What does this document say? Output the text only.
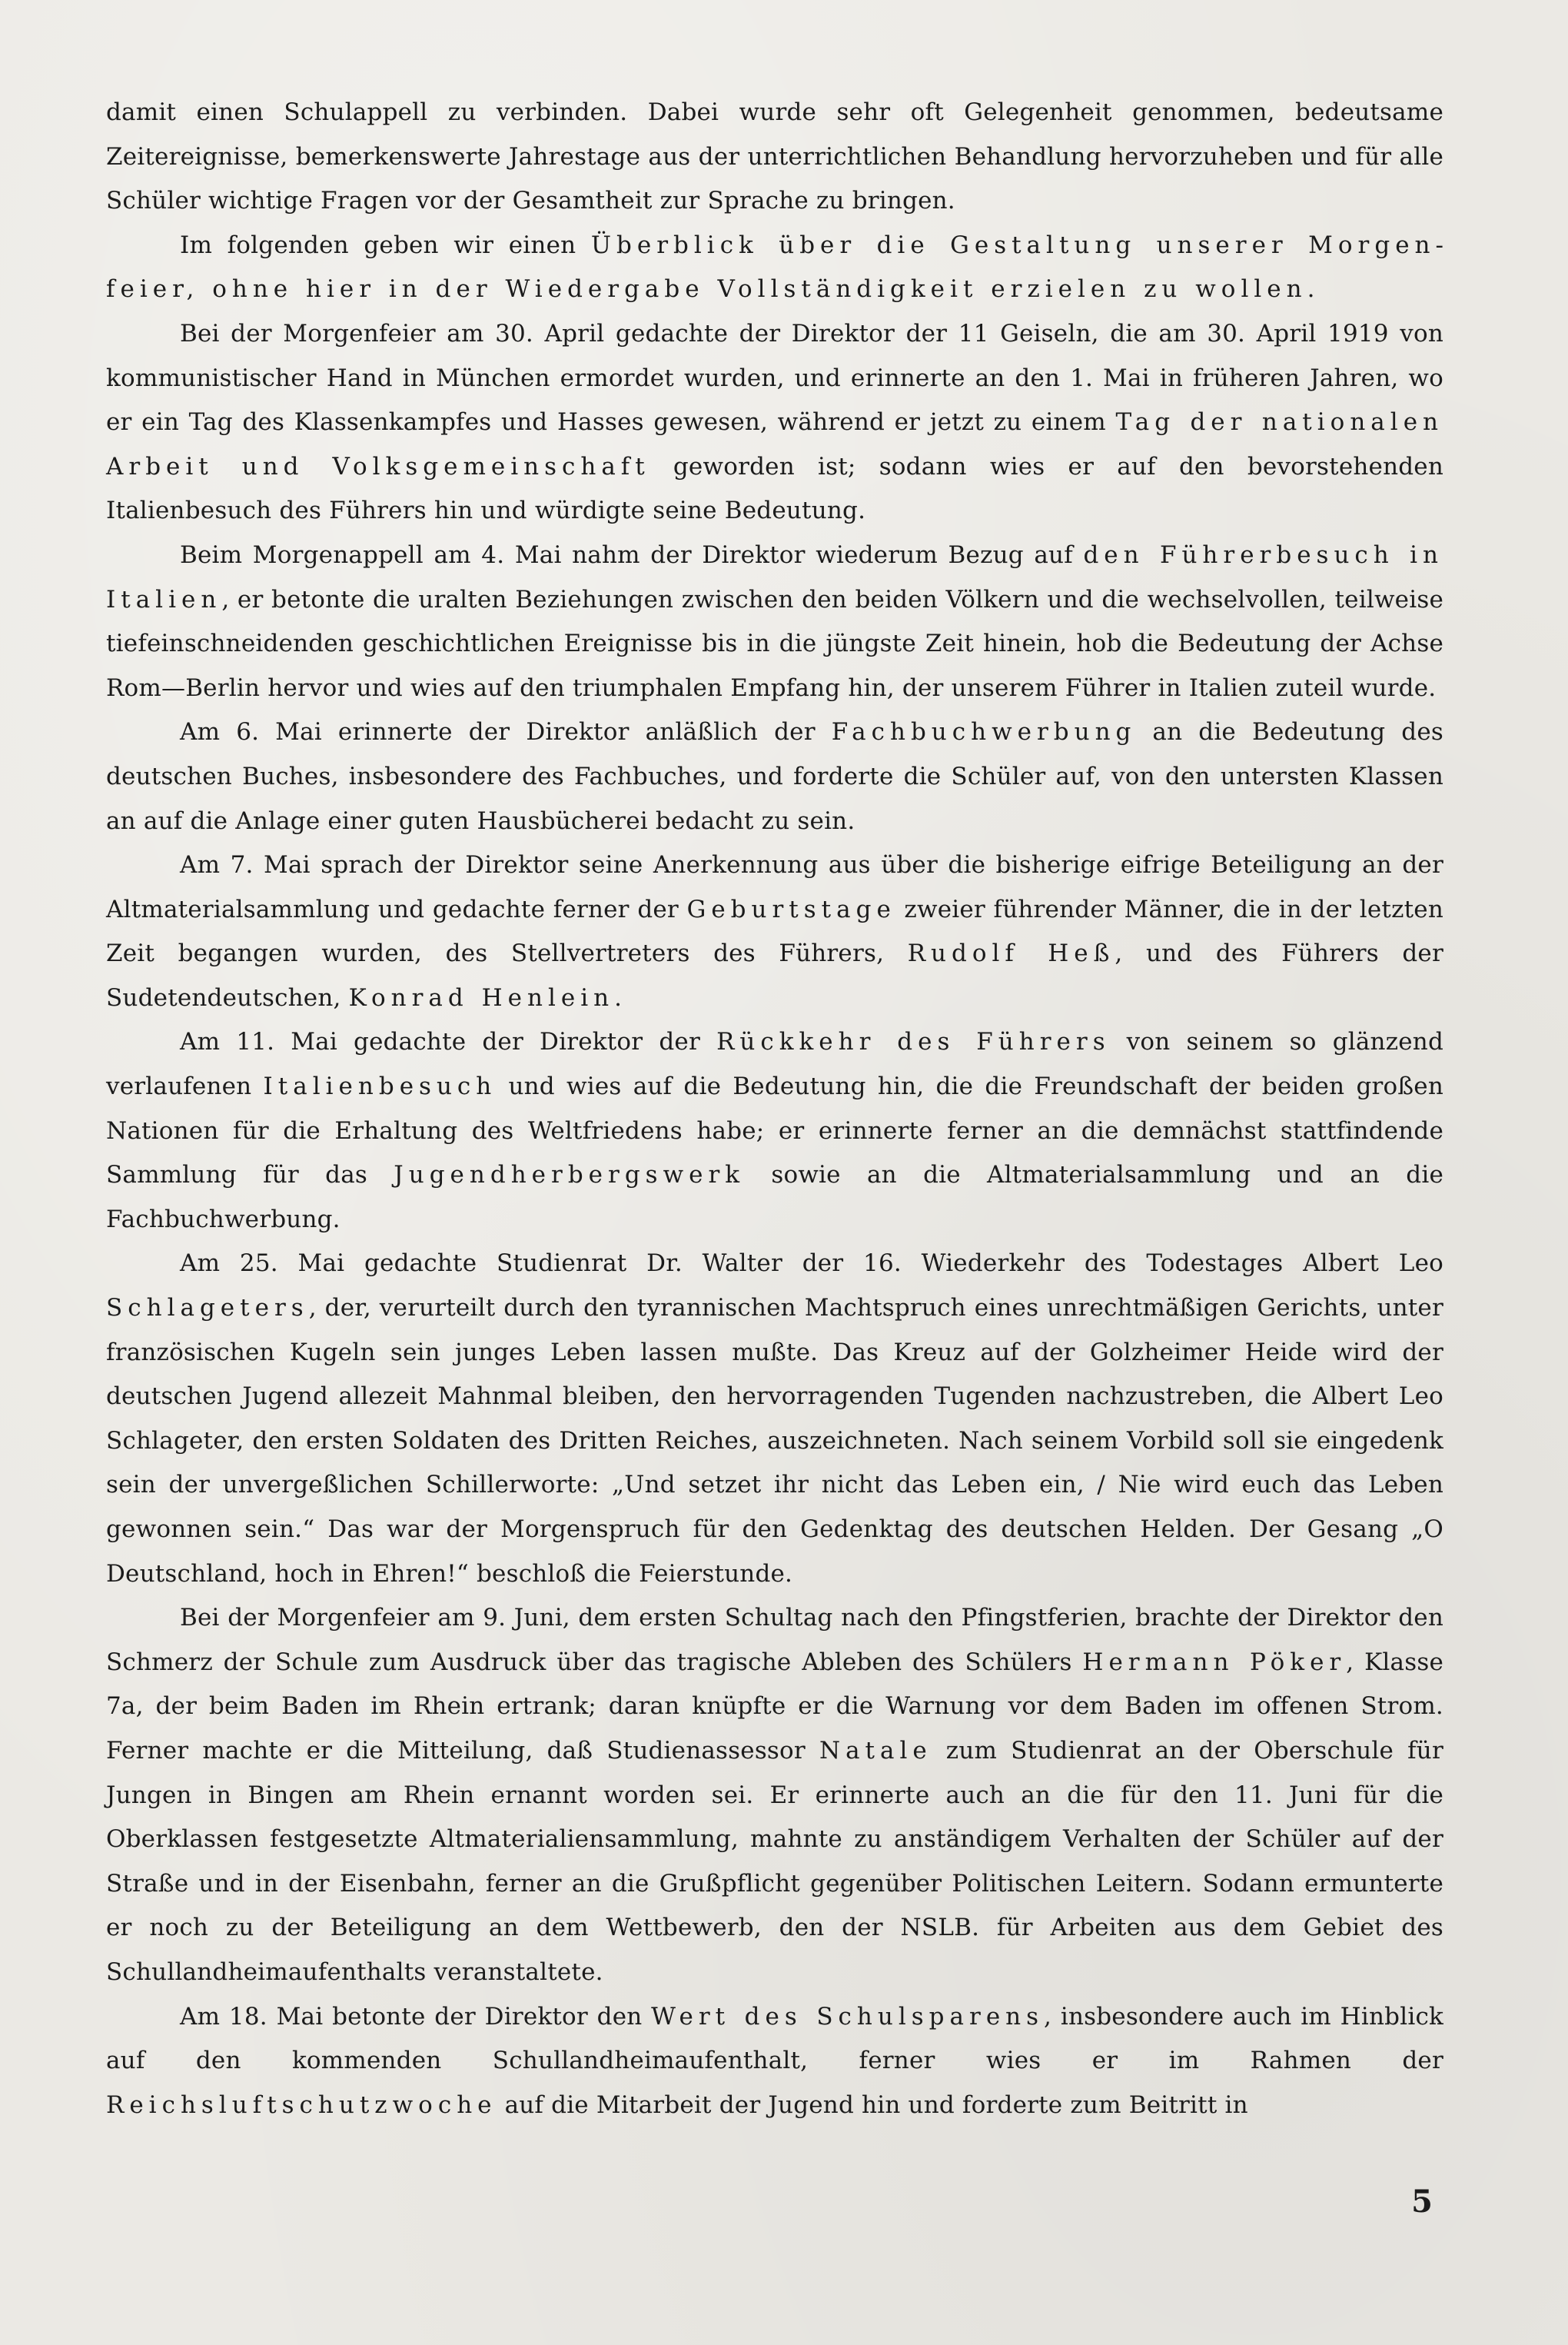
damit einen Schulappell zu verbinden. Dabei wurde sehr oft Gelegenheit genommen, bedeutsame Zeitereignisse, bemerkenswerte Jahrestage aus der unterrichtlichen Behandlung hervorzuheben und für alle Schüler wichtige Fragen vor der Gesamtheit zur Sprache zu bringen.

Im folgenden geben wir einen Überblick über die Gestaltung unserer Morgenfeier, ohne hier in der Wiedergabe Vollständigkeit erzielen zu wollen.

Bei der Morgenfeier am 30. April gedachte der Direktor der 11 Geiseln, die am 30. April 1919 von kommunistischer Hand in München ermordet wurden, und erinnerte an den 1. Mai in früheren Jahren, wo er ein Tag des Klassenkampfes und Hasses gewesen, während er jetzt zu einem Tag der nationalen Arbeit und Volksgemeinschaft geworden ist; sodann wies er auf den bevorstehenden Italienbesuch des Führers hin und würdigte seine Bedeutung.

Beim Morgenappell am 4. Mai nahm der Direktor wiederum Bezug auf den Führerbesuch in Italien, er betonte die uralten Beziehungen zwischen den beiden Völkern und die wechselvollen, teilweise tiefeinschneidenden geschichtlichen Ereignisse bis in die jüngste Zeit hinein, hob die Bedeutung der Achse Rom—Berlin hervor und wies auf den triumphalen Empfang hin, der unserem Führer in Italien zuteil wurde.

Am 6. Mai erinnerte der Direktor anläßlich der Fachbuchwerbung an die Bedeutung des deutschen Buches, insbesondere des Fachbuches, und forderte die Schüler auf, von den untersten Klassen an auf die Anlage einer guten Hausbücherei bedacht zu sein.

Am 7. Mai sprach der Direktor seine Anerkennung aus über die bisherige eifrige Beteiligung an der Altmaterialsammlung und gedachte ferner der Geburtstage zweier führender Männer, die in der letzten Zeit begangen wurden, des Stellvertreters des Führers, Rudolf Heß, und des Führers der Sudetendeutschen, Konrad Henlein.

Am 11. Mai gedachte der Direktor der Rückkehr des Führers von seinem so glänzend verlaufenen Italienbesuch und wies auf die Bedeutung hin, die die Freundschaft der beiden großen Nationen für die Erhaltung des Weltfriedens habe; er erinnerte ferner an die demnächst stattfindende Sammlung für das Jugendherbergswerk sowie an die Altmaterialsammlung und an die Fachbuchwerbung.

Am 25. Mai gedachte Studienrat Dr. Walter der 16. Wiederkehr des Todestages Albert Leo Schlageters, der, verurteilt durch den tyrannischen Machtspruch eines unrechtmäßigen Gerichts, unter französischen Kugeln sein junges Leben lassen mußte. Das Kreuz auf der Golzheimer Heide wird der deutschen Jugend allezeit Mahnmal bleiben, den hervorragenden Tugenden nachzustreben, die Albert Leo Schlageter, den ersten Soldaten des Dritten Reiches, auszeichneten. Nach seinem Vorbild soll sie eingedenk sein der unvergeßlichen Schillerworte: „Und setzet ihr nicht das Leben ein, / Nie wird euch das Leben gewonnen sein.“ Das war der Morgenspruch für den Gedenktag des deutschen Helden. Der Gesang „O Deutschland, hoch in Ehren!“ beschloß die Feierstunde.

Bei der Morgenfeier am 9. Juni, dem ersten Schultag nach den Pfingstferien, brachte der Direktor den Schmerz der Schule zum Ausdruck über das tragische Ableben des Schülers Hermann Pöker, Klasse 7a, der beim Baden im Rhein ertrank; daran knüpfte er die Warnung vor dem Baden im offenen Strom. Ferner machte er die Mitteilung, daß Studienassessor Natale zum Studienrat an der Oberschule für Jungen in Bingen am Rhein ernannt worden sei. Er erinnerte auch an die für den 11. Juni für die Oberklassen festgesetzte Altmaterialiensammlung, mahnte zu anständigem Verhalten der Schüler auf der Straße und in der Eisenbahn, ferner an die Grußpflicht gegenüber Politischen Leitern. Sodann ermunterte er noch zu der Beteiligung an dem Wettbewerb, den der NSLB. für Arbeiten aus dem Gebiet des Schullandheimaufenthalts veranstaltete.

Am 18. Mai betonte der Direktor den Wert des Schulsparens, insbesondere auch im Hinblick auf den kommenden Schullandheimaufenthalt, ferner wies er im Rahmen der Reichsluftschutzwoche auf die Mitarbeit der Jugend hin und forderte zum Beitritt in

5
